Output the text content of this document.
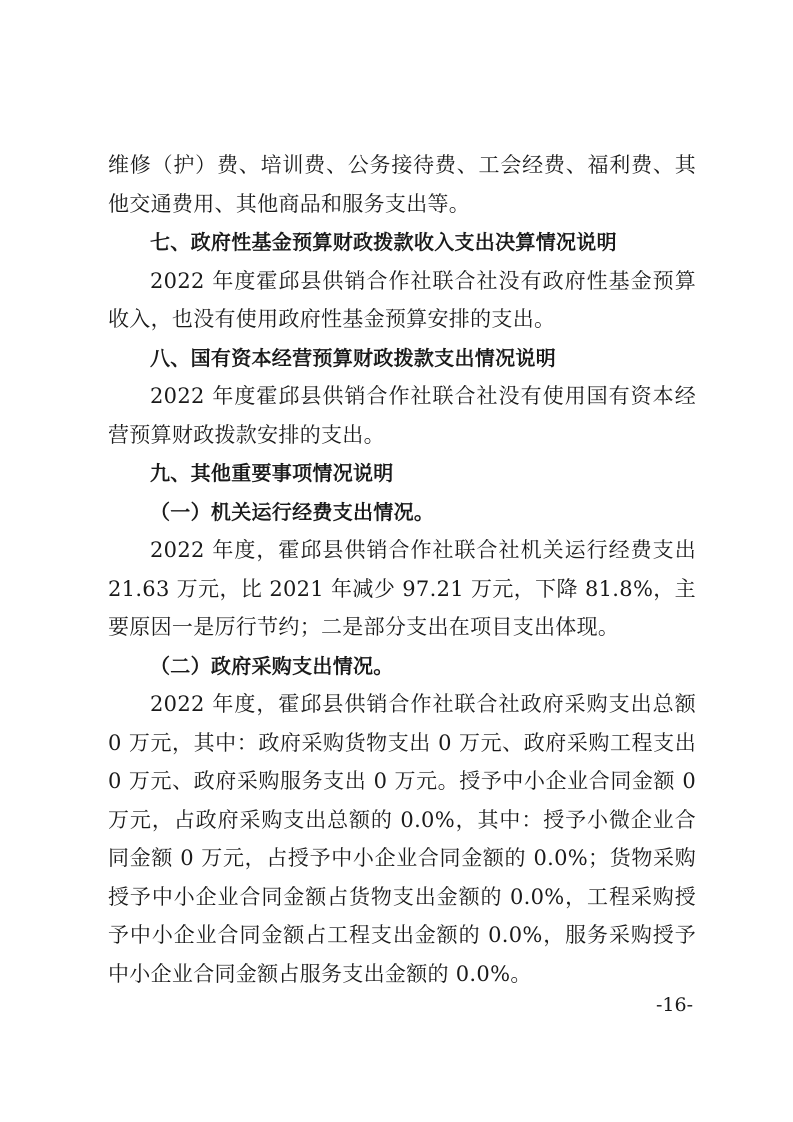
维修（护）费、培训费、公务接待费、工会经费、福利费、其他交通费用、其他商品和服务支出等。

七、政府性基金预算财政拨款收入支出决算情况说明

2022 年度霍邱县供销合作社联合社没有政府性基金预算收入，也没有使用政府性基金预算安排的支出。

八、国有资本经营预算财政拨款支出情况说明

2022 年度霍邱县供销合作社联合社没有使用国有资本经营预算财政拨款安排的支出。

九、其他重要事项情况说明

（一）机关运行经费支出情况。

2022 年度，霍邱县供销合作社联合社机关运行经费支出 21.63 万元，比 2021 年减少 97.21 万元，下降 81.8%，主要原因一是厉行节约；二是部分支出在项目支出体现。

（二）政府采购支出情况。

2022 年度，霍邱县供销合作社联合社政府采购支出总额 0 万元，其中：政府采购货物支出 0 万元、政府采购工程支出 0 万元、政府采购服务支出 0 万元。授予中小企业合同金额 0 万元，占政府采购支出总额的 0.0%，其中：授予小微企业合同金额 0 万元，占授予中小企业合同金额的 0.0%；货物采购授予中小企业合同金额占货物支出金额的 0.0%，工程采购授予中小企业合同金额占工程支出金额的 0.0%，服务采购授予中小企业合同金额占服务支出金额的 0.0%。

-16-
